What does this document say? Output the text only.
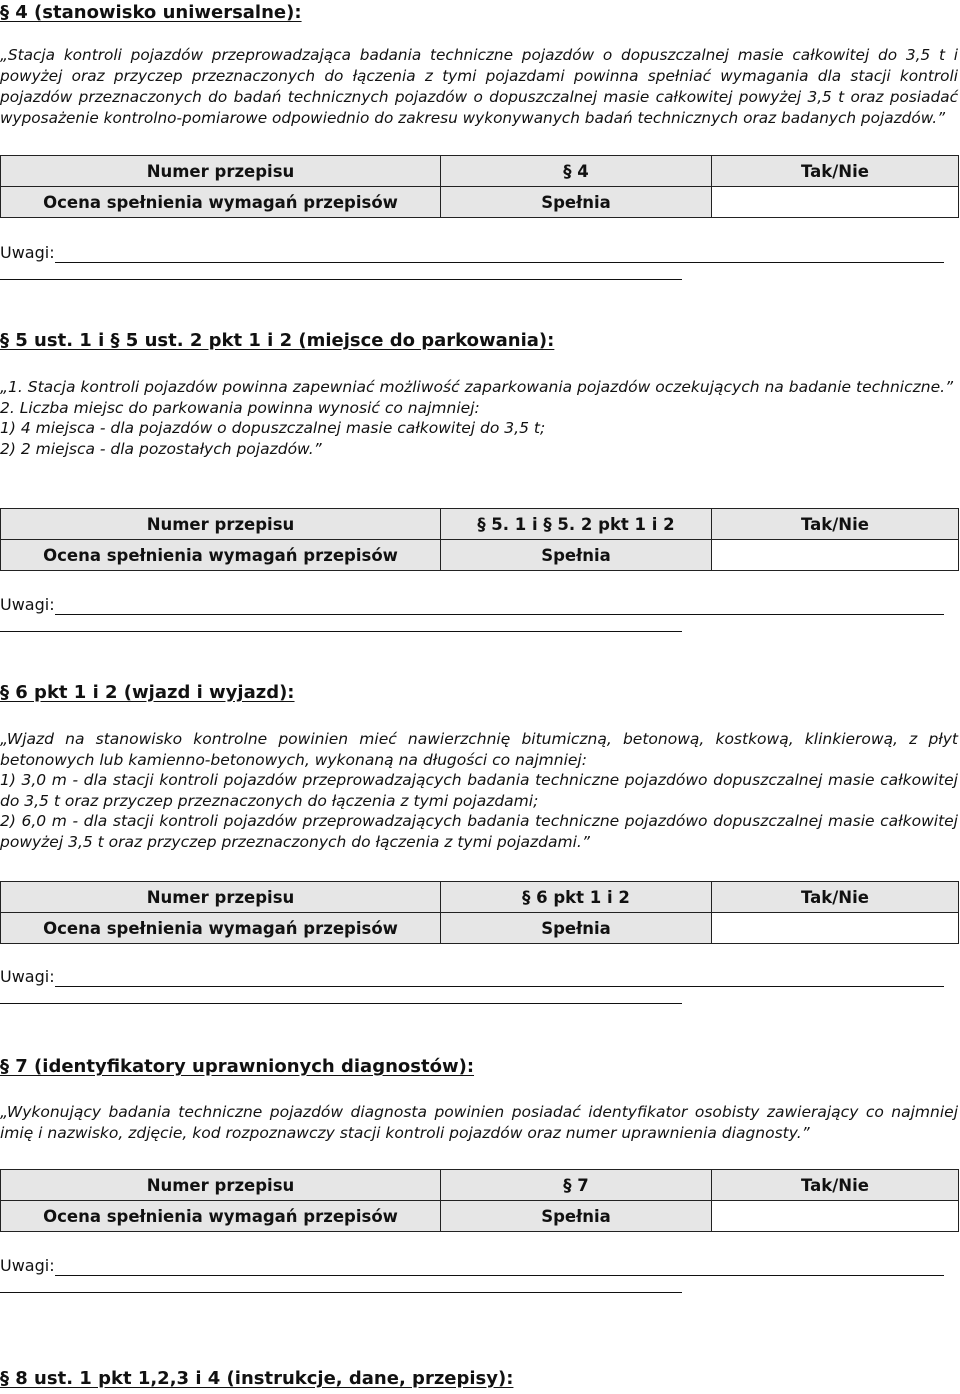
§ 4 (stanowisko uniwersalne):
„Stacja kontroli pojazdów przeprowadzająca badania techniczne pojazdów o dopuszczalnej masie całkowitej do 3,5 t i powyżej oraz przyczep przeznaczonych do łączenia z tymi pojazdami powinna spełniać wymagania dla stacji kontroli pojazdów przeznaczonych do badań technicznych pojazdów o dopuszczalnej masie całkowitej powyżej 3,5 t oraz posiadać wyposażenie kontrolno-pomiarowe odpowiednio do zakresu wykonywanych badań technicznych oraz badanych pojazdów.”
Numer przepisu	§ 4	Tak/Nie
Ocena spełnienia wymagań przepisów	Spełnia	
Uwagi:
§ 5 ust. 1 i § 5 ust. 2 pkt 1 i 2 (miejsce do parkowania):
„1. Stacja kontroli pojazdów powinna zapewniać możliwość zaparkowania pojazdów oczekujących na badanie techniczne.”
2. Liczba miejsc do parkowania powinna wynosić co najmniej:
1) 4 miejsca - dla pojazdów o dopuszczalnej masie całkowitej do 3,5 t;
2) 2 miejsca - dla pozostałych pojazdów.”
Numer przepisu	§ 5. 1 i § 5. 2 pkt 1 i 2	Tak/Nie
Ocena spełnienia wymagań przepisów	Spełnia	
Uwagi:
§ 6 pkt 1 i 2 (wjazd i wyjazd):
„Wjazd na stanowisko kontrolne powinien mieć nawierzchnię bitumiczną, betonową, kostkową, klinkierową, z płyt betonowych lub kamienno-betonowych, wykonaną na długości co najmniej:
1) 3,0 m - dla stacji kontroli pojazdów przeprowadzających badania techniczne pojazdówo dopuszczalnej masie całkowitej do 3,5 t oraz przyczep przeznaczonych do łączenia z tymi pojazdami;
2) 6,0 m - dla stacji kontroli pojazdów przeprowadzających badania techniczne pojazdówo dopuszczalnej masie całkowitej powyżej 3,5 t oraz przyczep przeznaczonych do łączenia z tymi pojazdami.”
Numer przepisu	§ 6 pkt 1 i 2	Tak/Nie
Ocena spełnienia wymagań przepisów	Spełnia	
Uwagi:
§ 7 (identyfikatory uprawnionych diagnostów):
„Wykonujący badania techniczne pojazdów diagnosta powinien posiadać identyfikator osobisty zawierający co najmniej imię i nazwisko, zdjęcie, kod rozpoznawczy stacji kontroli pojazdów oraz numer uprawnienia diagnosty.”
Numer przepisu	§ 7	Tak/Nie
Ocena spełnienia wymagań przepisów	Spełnia	
Uwagi:
§ 8 ust. 1 pkt 1,2,3 i 4 (instrukcje, dane, przepisy):
